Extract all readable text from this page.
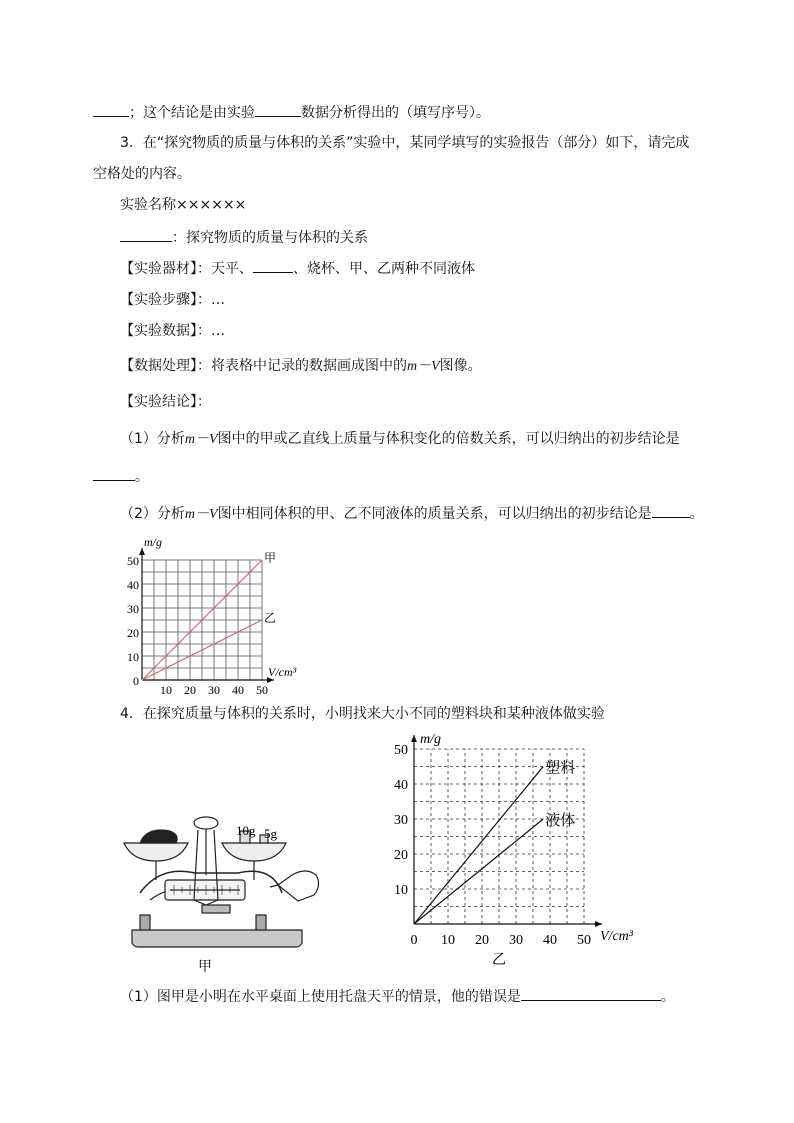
；这个结论是由实验	数据分析得出的（填写序号）。
3．在“探究物质的质量与体积的关系”实验中，某同学填写的实验报告（部分）如下，请完成
空格处的内容。
实验名称××××××
：探究物质的质量与体积的关系
【实验器材】：天平、	、烧杯、甲、乙两种不同液体
【实验步骤】：…
【实验数据】：…
【数据处理】：将表格中记录的数据画成图中的m－V图像。
【实验结论】：
（1）分析m－V图中的甲或乙直线上质量与体积变化的倍数关系，可以归纳出的初步结论是
。
（2）分析m－V图中相同体积的甲、乙不同液体的质量关系，可以归纳出的初步结论是	。
10 20 30 40 50
0
10
20
30
40
50
m/g
V/cm³
甲
乙
4．在探究质量与体积的关系时，小明找来大小不同的塑料块和某种液体做实验
10g 5g
甲
0 10 20 30 40 50
10
20
30
40
50
m/g
V/cm³
塑料
液体
乙
（1）图甲是小明在水平桌面上使用托盘天平的情景，他的错误是	。
